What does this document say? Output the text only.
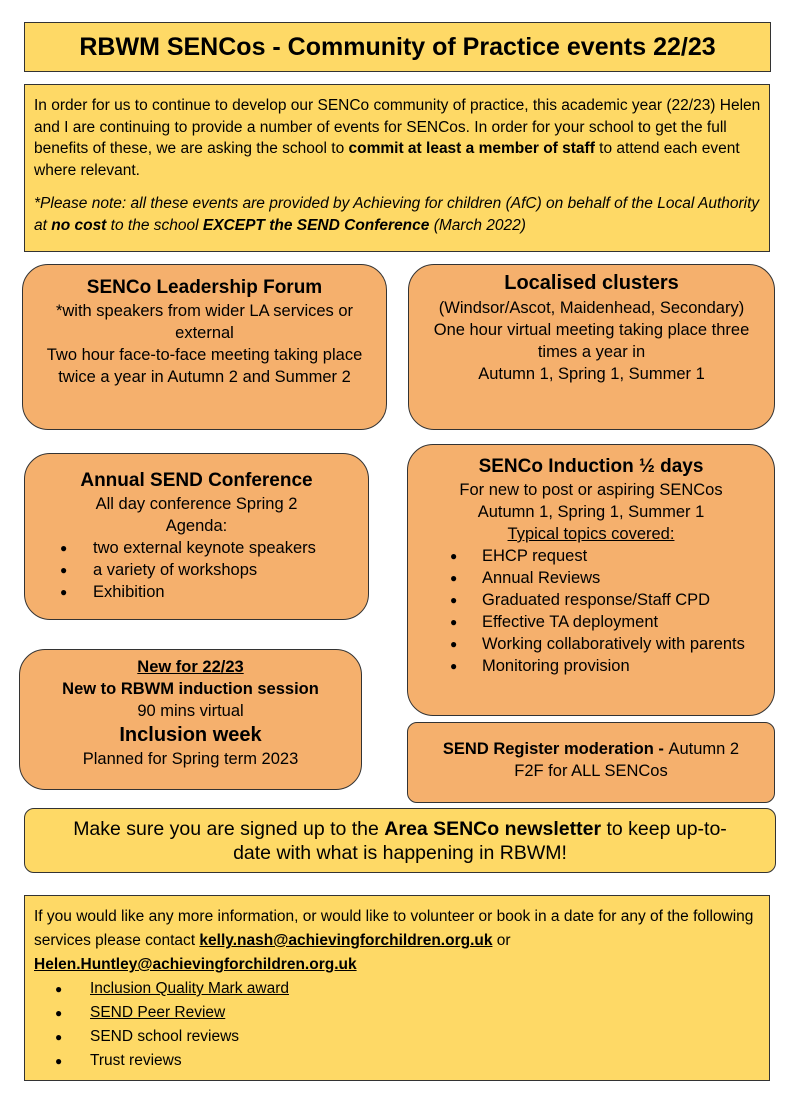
RBWM SENCos - Community of Practice events 22/23

In order for us to continue to develop our SENCo community of practice, this academic year (22/23) Helen and I are continuing to provide a number of events for SENCos. In order for your school to get the full benefits of these, we are asking the school to commit at least a member of staff to attend each event where relevant.

*Please note: all these events are provided by Achieving for children (AfC) on behalf of the Local Authority at no cost to the school EXCEPT the SEND Conference (March 2022)

SENCo Leadership Forum
*with speakers from wider LA services or external
Two hour face-to-face meeting taking place twice a year in Autumn 2 and Summer 2
Localised clusters
(Windsor/Ascot, Maidenhead, Secondary)
One hour virtual meeting taking place three times a year in
Autumn 1, Spring 1, Summer 1
Annual SEND Conference
All day conference Spring 2
Agenda:
● two external keynote speakers
● a variety of workshops
● Exhibition
SENCo Induction ½ days
For new to post or aspiring SENCos
Autumn 1, Spring 1, Summer 1
Typical topics covered:
● EHCP request
● Annual Reviews
● Graduated response/Staff CPD
● Effective TA deployment
● Working collaboratively with parents
● Monitoring provision
New for 22/23
New to RBWM induction session
90 mins virtual
Inclusion week
Planned for Spring term 2023
SEND Register moderation - Autumn 2
F2F for ALL SENCos
Make sure you are signed up to the Area SENCo newsletter to keep up-to-date with what is happening in RBWM!

If you would like any more information, or would like to volunteer or book in a date for any of the following services please contact kelly.nash@achievingforchildren.org.uk or Helen.Huntley@achievingforchildren.org.uk

● Inclusion Quality Mark award
● SEND Peer Review
● SEND school reviews
● Trust reviews
